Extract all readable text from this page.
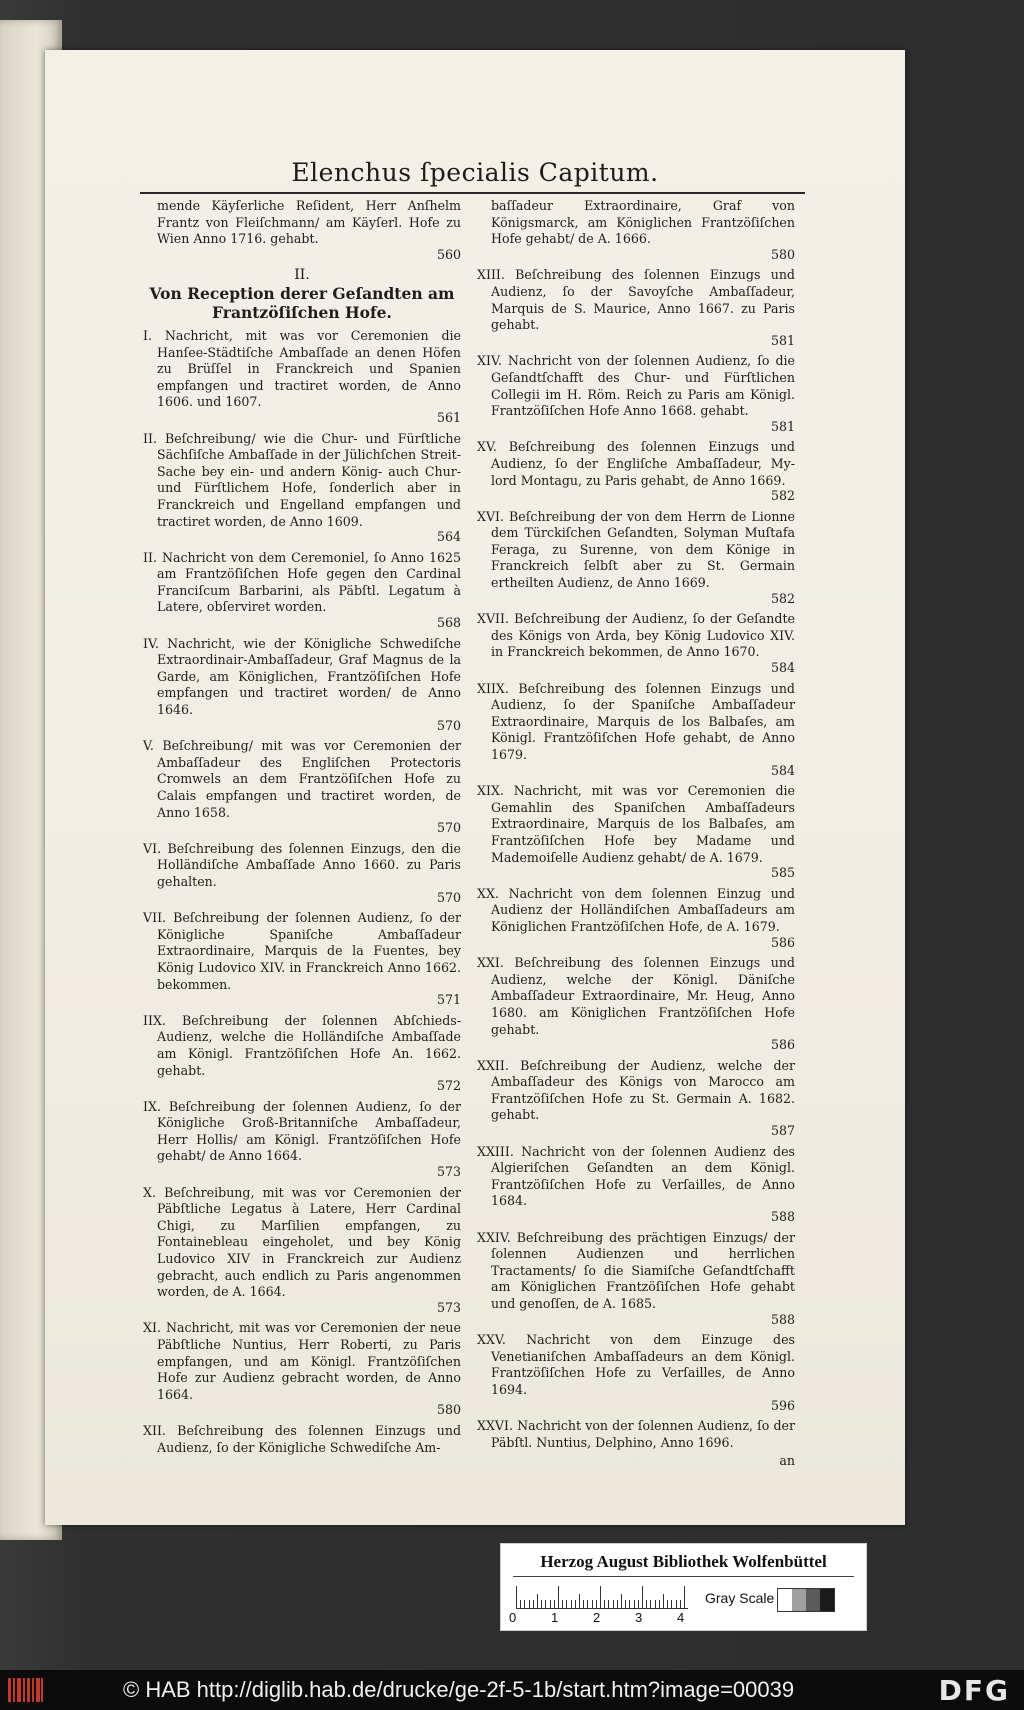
Elenchus ſpecialis Capitum.
mende Käyſerliche Reſident, Herr Anſhelm Frantz von Fleiſchmann/ am Käyſerl. Hofe zu Wien Anno 1716. gehabt.
560
II.
Von Reception derer Geſandten am Frantzöſiſchen Hofe.
I. Nachricht, mit was vor Ceremonien die Hanſee-Städtiſche Ambaſſade an denen Höfen zu Brüſſel in Franckreich und Spanien empfangen und tractiret worden, de Anno 1606. und 1607.
561
II. Beſchreibung/ wie die Chur- und Fürſtliche Sächſiſche Ambaſſade in der Jülichſchen Streit-Sache bey ein- und andern König- auch Chur- und Fürſtlichem Hofe, ſonderlich aber in Franckreich und Engelland empfangen und tractiret worden, de Anno 1609.
564
II. Nachricht von dem Ceremoniel, ſo Anno 1625 am Frantzöſiſchen Hofe gegen den Cardinal Franciſcum Barbarini, als Päbſtl. Legatum à Latere, obſerviret worden.
568
IV. Nachricht, wie der Königliche Schwediſche Extraordinair-Ambaſſadeur, Graf Magnus de la Garde, am Königlichen, Frantzöſiſchen Hofe empfangen und tractiret worden/ de Anno 1646.
570
V. Beſchreibung/ mit was vor Ceremonien der Ambaſſadeur des Engliſchen Protectoris Cromwels an dem Frantzöſiſchen Hofe zu Calais empfangen und tractiret worden, de Anno 1658.
570
VI. Beſchreibung des ſolennen Einzugs, den die Holländiſche Ambaſſade Anno 1660. zu Paris gehalten.
570
VII. Beſchreibung der ſolennen Audienz, ſo der Königliche Spaniſche Ambaſſadeur Extraordinaire, Marquis de la Fuentes, bey König Ludovico XIV. in Franckreich Anno 1662. bekommen.
571
IIX. Beſchreibung der ſolennen Abſchieds-Audienz, welche die Holländiſche Ambaſſade am Königl. Frantzöſiſchen Hofe An. 1662. gehabt.
572
IX. Beſchreibung der ſolennen Audienz, ſo der Königliche Groß-Britanniſche Ambaſſadeur, Herr Hollis/ am Königl. Frantzöſiſchen Hofe gehabt/ de Anno 1664.
573
X. Beſchreibung, mit was vor Ceremonien der Päbſtliche Legatus à Latere, Herr Cardinal Chigi, zu Marſilien empfangen, zu Fontainebleau eingeholet, und bey König Ludovico XIV in Franckreich zur Audienz gebracht, auch endlich zu Paris angenommen worden, de A. 1664.
573
XI. Nachricht, mit was vor Ceremonien der neue Päbſtliche Nuntius, Herr Roberti, zu Paris empfangen, und am Königl. Frantzöſiſchen Hofe zur Audienz gebracht worden, de Anno 1664.
580
XII. Beſchreibung des ſolennen Einzugs und Audienz, ſo der Königliche Schwediſche Am-
baſſadeur Extraordinaire, Graf von Königsmarck, am Königlichen Frantzöſiſchen Hofe gehabt/ de A. 1666.
580
XIII. Beſchreibung des ſolennen Einzugs und Audienz, ſo der Savoyſche Ambaſſadeur, Marquis de S. Maurice, Anno 1667. zu Paris gehabt.
581
XIV. Nachricht von der ſolennen Audienz, ſo die Geſandtſchafft des Chur- und Fürſtlichen Collegii im H. Röm. Reich zu Paris am Königl. Frantzöſiſchen Hofe Anno 1668. gehabt.
581
XV. Beſchreibung des ſolennen Einzugs und Audienz, ſo der Engliſche Ambaſſadeur, My-lord Montagu, zu Paris gehabt, de Anno 1669.
582
XVI. Beſchreibung der von dem Herrn de Lionne dem Türckiſchen Geſandten, Solyman Muſtafa Feraga, zu Surenne, von dem Könige in Franckreich ſelbſt aber zu St. Germain ertheilten Audienz, de Anno 1669.
582
XVII. Beſchreibung der Audienz, ſo der Geſandte des Königs von Arda, bey König Ludovico XIV. in Franckreich bekommen, de Anno 1670.
584
XIIX. Beſchreibung des ſolennen Einzugs und Audienz, ſo der Spaniſche Ambaſſadeur Extraordinaire, Marquis de los Balbaſes, am Königl. Frantzöſiſchen Hofe gehabt, de Anno 1679.
584
XIX. Nachricht, mit was vor Ceremonien die Gemahlin des Spaniſchen Ambaſſadeurs Extraordinaire, Marquis de los Balbaſes, am Frantzöſiſchen Hofe bey Madame und Mademoiſelle Audienz gehabt/ de A. 1679.
585
XX. Nachricht von dem ſolennen Einzug und Audienz der Holländiſchen Ambaſſadeurs am Königlichen Frantzöſiſchen Hofe, de A. 1679.
586
XXI. Beſchreibung des ſolennen Einzugs und Audienz, welche der Königl. Däniſche Ambaſſadeur Extraordinaire, Mr. Heug, Anno 1680. am Königlichen Frantzöſiſchen Hofe gehabt.
586
XXII. Beſchreibung der Audienz, welche der Ambaſſadeur des Königs von Marocco am Frantzöſiſchen Hofe zu St. Germain A. 1682. gehabt.
587
XXIII. Nachricht von der ſolennen Audienz des Algieriſchen Geſandten an dem Königl. Frantzöſiſchen Hofe zu Verſailles, de Anno 1684.
588
XXIV. Beſchreibung des prächtigen Einzugs/ der ſolennen Audienzen und herrlichen Tractaments/ ſo die Siamiſche Geſandtſchafft am Königlichen Frantzöſiſchen Hofe gehabt und genoſſen, de A. 1685.
588
XXV. Nachricht von dem Einzuge des Venetianiſchen Ambaſſadeurs an dem Königl. Frantzöſiſchen Hofe zu Verſailles, de Anno 1694.
596
XXVI. Nachricht von der ſolennen Audienz, ſo der Päbſtl. Nuntius, Delphino, Anno 1696.
an
Herzog August Bibliothek Wolfenbüttel
0	1	2	3	4
Gray Scale
© HAB http://diglib.hab.de/drucke/ge-2f-5-1b/start.htm?image=00039	DFG
